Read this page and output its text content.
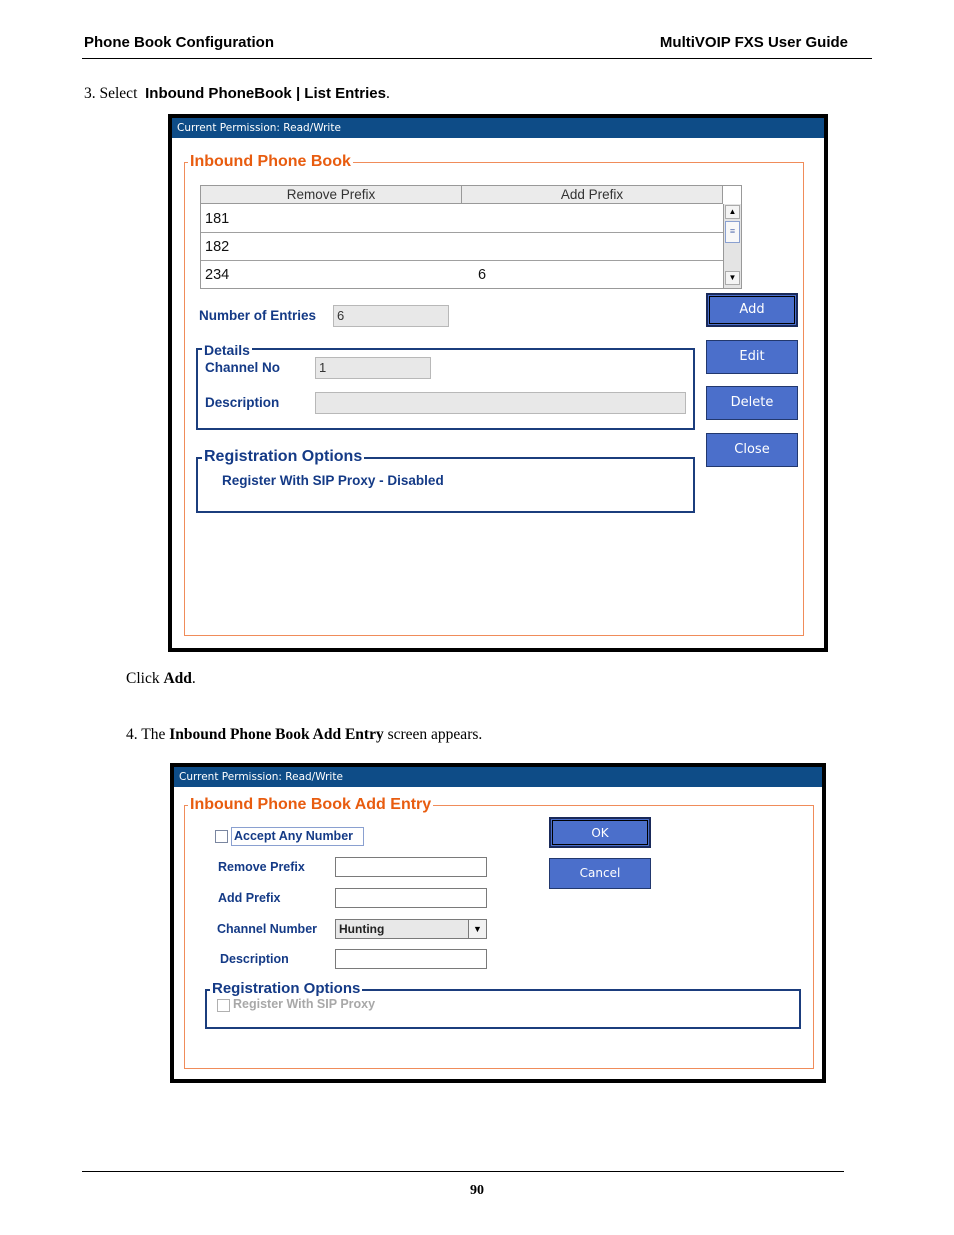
Phone Book Configuration	MultiVOIP FXS User Guide
3. Select Inbound PhoneBook | List Entries.
Current Permission: Read/Write
Inbound Phone Book
Remove Prefix	Add Prefix
181
182
234	6
▲
≡
▼
Number of Entries	6
Details
Channel No	1
Description
Registration Options
Register With SIP Proxy - Disabled
Add
Edit
Delete
Close
Click Add.
4. The Inbound Phone Book Add Entry screen appears.
Current Permission: Read/Write
Inbound Phone Book Add Entry
Accept Any Number
Remove Prefix
Add Prefix
Channel Number Hunting	▼
Description
Registration Options
Register With SIP Proxy
OK
Cancel
90
